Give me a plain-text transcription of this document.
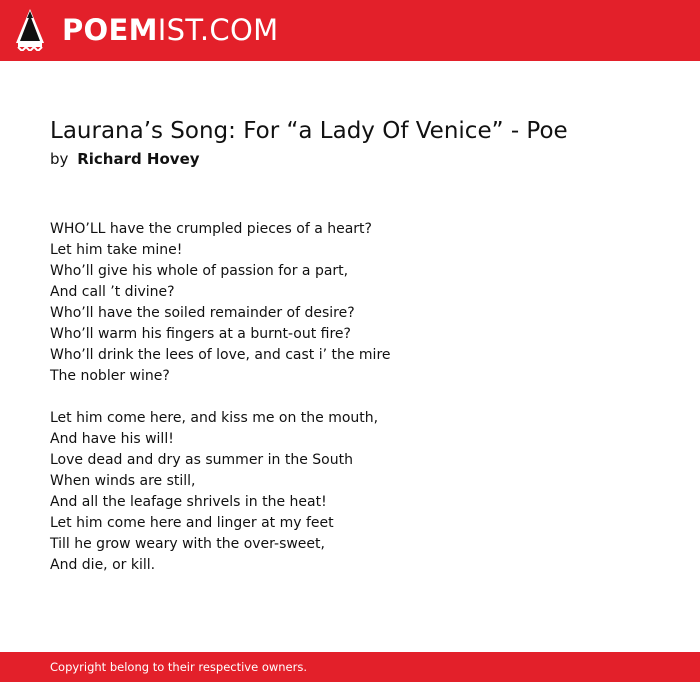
POEMIST.COM
Laurana’s Song: For “a Lady Of Venice” - Poe
by Richard Hovey
WHO’LL have the crumpled pieces of a heart?
Let him take mine!
Who’ll give his whole of passion for a part,
And call ’t divine?
Who’ll have the soiled remainder of desire?
Who’ll warm his fingers at a burnt-out fire?
Who’ll drink the lees of love, and cast i’ the mire
The nobler wine?
Let him come here, and kiss me on the mouth,
And have his will!
Love dead and dry as summer in the South
When winds are still,
And all the leafage shrivels in the heat!
Let him come here and linger at my feet
Till he grow weary with the over-sweet,
And die, or kill.
Copyright belong to their respective owners.
